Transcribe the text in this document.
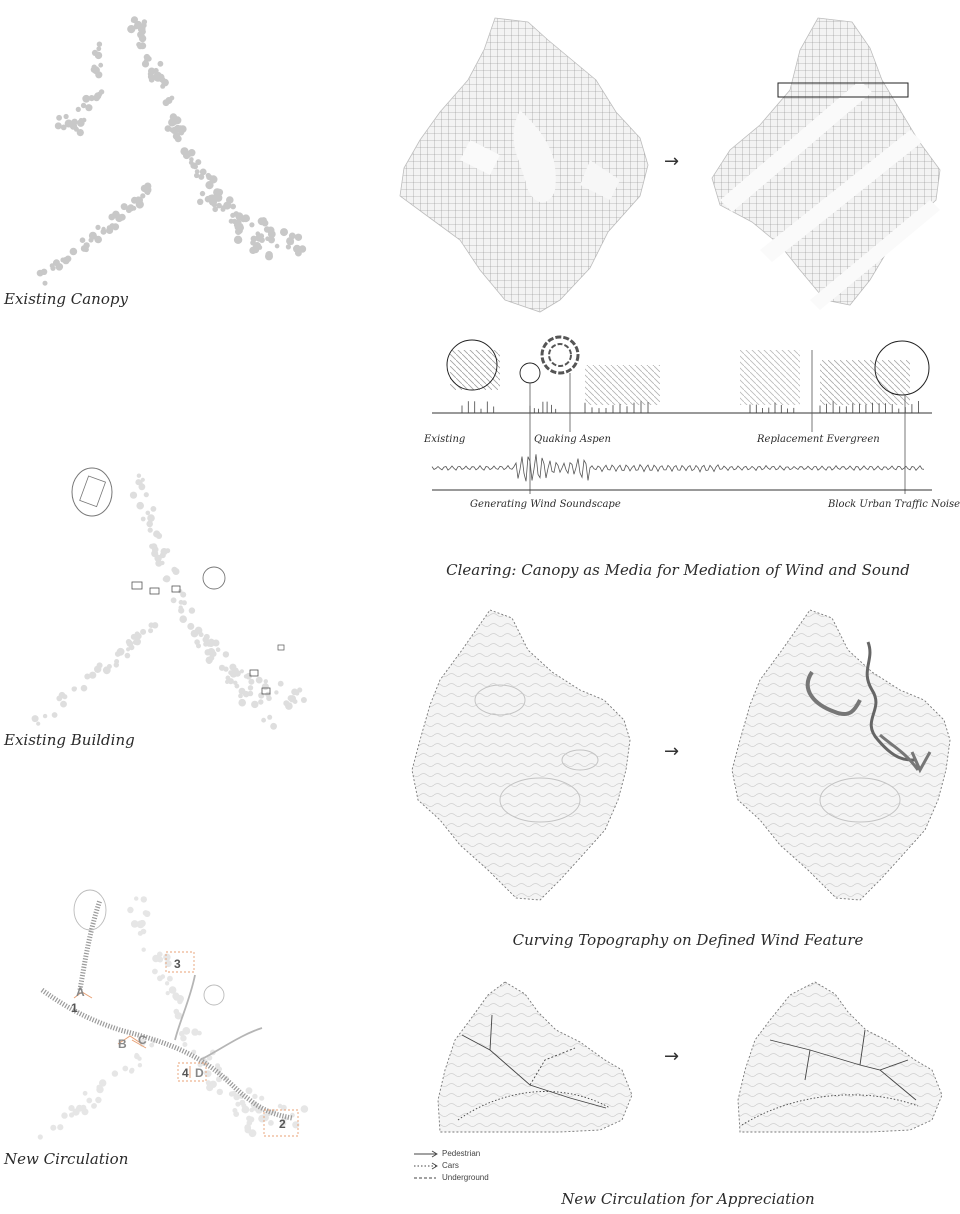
1
2
3
4
A
B C
D
→
→
→
Existing Canopy
Existing Building
New Circulation
Existing	Quaking Aspen	Replacement Evergreen
Generating Wind Soundscape	Block Urban Traffic Noise
Clearing: Canopy as Media for Mediation of Wind and Sound
Curving Topography on Defined Wind Feature
New Circulation for Appreciation
Pedestrian
Cars
Underground
